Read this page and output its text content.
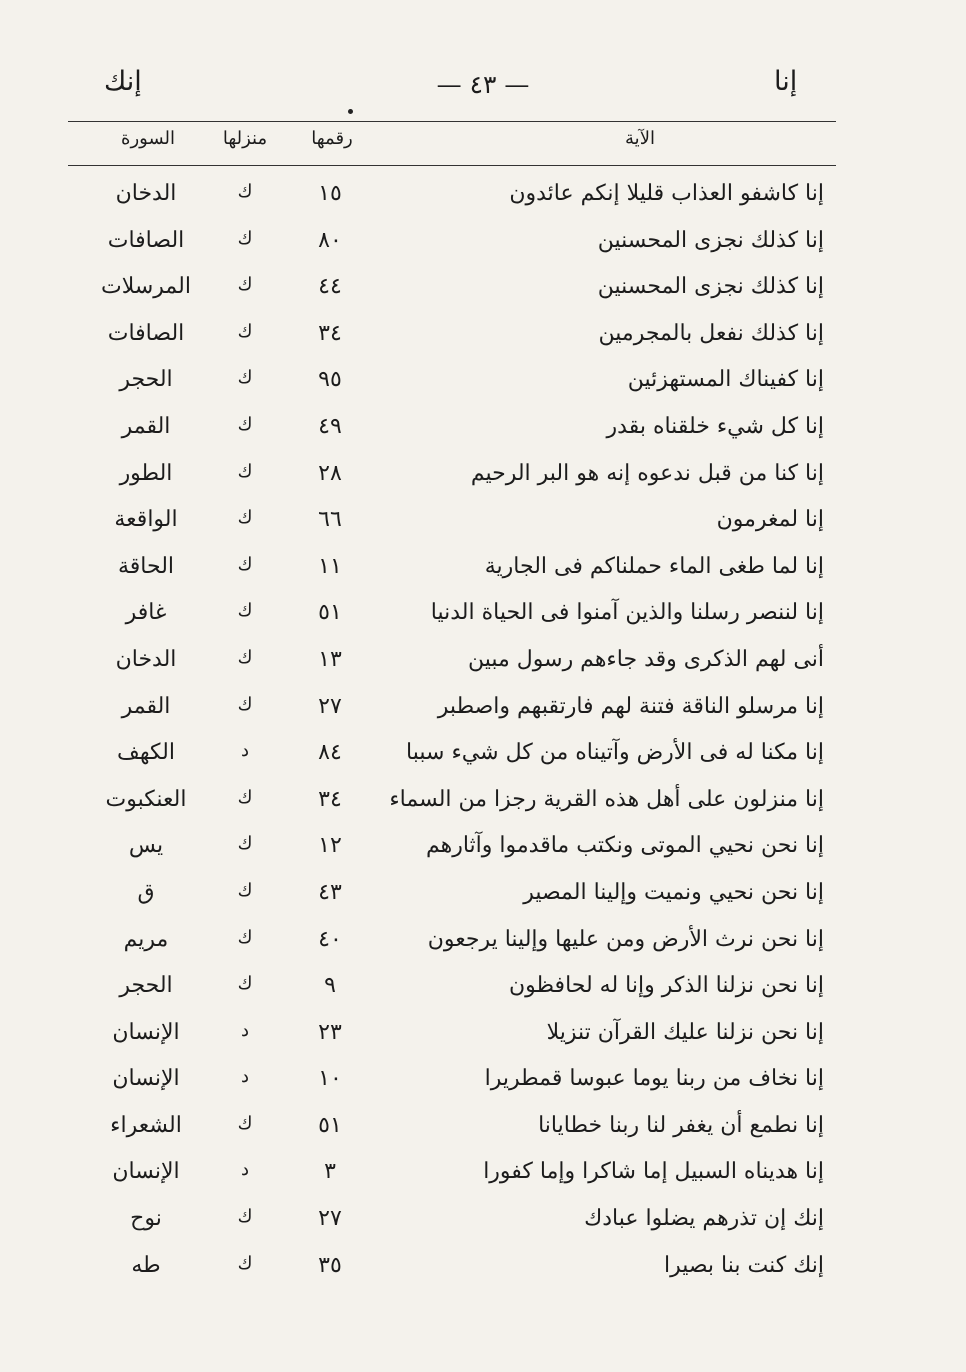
إنك	— ٤٣ —	إنا
الآية
رقمها
منزلها
السورة
إنا كاشفو العذاب قليلا إنكم عائدون
١٥
ك
الدخان
إنا كذلك نجزى المحسنين
٨٠
ك
الصافات
إنا كذلك نجزى المحسنين
٤٤
ك
المرسلات
إنا كذلك نفعل بالمجرمين
٣٤
ك
الصافات
إنا كفيناك المستهزئين
٩٥
ك
الحجر
إنا كل شيء خلقناه بقدر
٤٩
ك
القمر
إنا كنا من قبل ندعوه إنه هو البر الرحيم
٢٨
ك
الطور
إنا لمغرمون
٦٦
ك
الواقعة
إنا لما طغى الماء حملناكم فى الجارية
١١
ك
الحاقة
إنا لننصر رسلنا والذين آمنوا فى الحياة الدنيا
٥١
ك
غافر
أنى لهم الذكرى وقد جاءهم رسول مبين
١٣
ك
الدخان
إنا مرسلو الناقة فتنة لهم فارتقبهم واصطبر
٢٧
ك
القمر
إنا مكنا له فى الأرض وآتيناه من كل شيء سببا
٨٤
د
الكهف
إنا منزلون على أهل هذه القرية رجزا من السماء
٣٤
ك
العنكبوت
إنا نحن نحيي الموتى ونكتب ماقدموا وآثارهم
١٢
ك
يس
إنا نحن نحيي ونميت وإلينا المصير
٤٣
ك
ق
إنا نحن نرث الأرض ومن عليها وإلينا يرجعون
٤٠
ك
مريم
إنا نحن نزلنا الذكر وإنا له لحافظون
٩
ك
الحجر
إنا نحن نزلنا عليك القرآن تنزيلا
٢٣
د
الإنسان
إنا نخاف من ربنا يوما عبوسا قمطريرا
١٠
د
الإنسان
إنا نطمع أن يغفر لنا ربنا خطايانا
٥١
ك
الشعراء
إنا هديناه السبيل إما شاكرا وإما كفورا
٣
د
الإنسان
إنك إن تذرهم يضلوا عبادك
٢٧
ك
نوح
إنك كنت بنا بصيرا
٣٥
ك
طه
